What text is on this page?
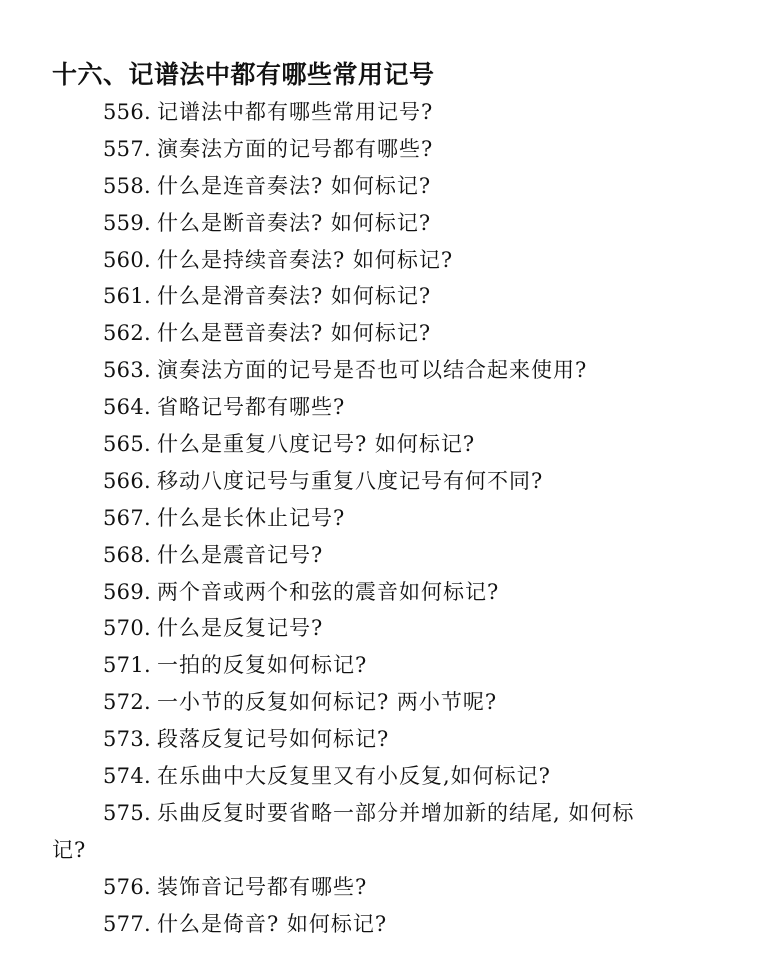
十六、记谱法中都有哪些常用记号
556. 记谱法中都有哪些常用记号?
557. 演奏法方面的记号都有哪些?
558. 什么是连音奏法? 如何标记?
559. 什么是断音奏法? 如何标记?
560. 什么是持续音奏法? 如何标记?
561. 什么是滑音奏法? 如何标记?
562. 什么是琶音奏法? 如何标记?
563. 演奏法方面的记号是否也可以结合起来使用?
564. 省略记号都有哪些?
565. 什么是重复八度记号? 如何标记?
566. 移动八度记号与重复八度记号有何不同?
567. 什么是长休止记号?
568. 什么是震音记号?
569. 两个音或两个和弦的震音如何标记?
570. 什么是反复记号?
571. 一拍的反复如何标记?
572. 一小节的反复如何标记? 两小节呢?
573. 段落反复记号如何标记?
574. 在乐曲中大反复里又有小反复,如何标记?
575. 乐曲反复时要省略一部分并增加新的结尾, 如何标
记?
576. 装饰音记号都有哪些?
577. 什么是倚音? 如何标记?
